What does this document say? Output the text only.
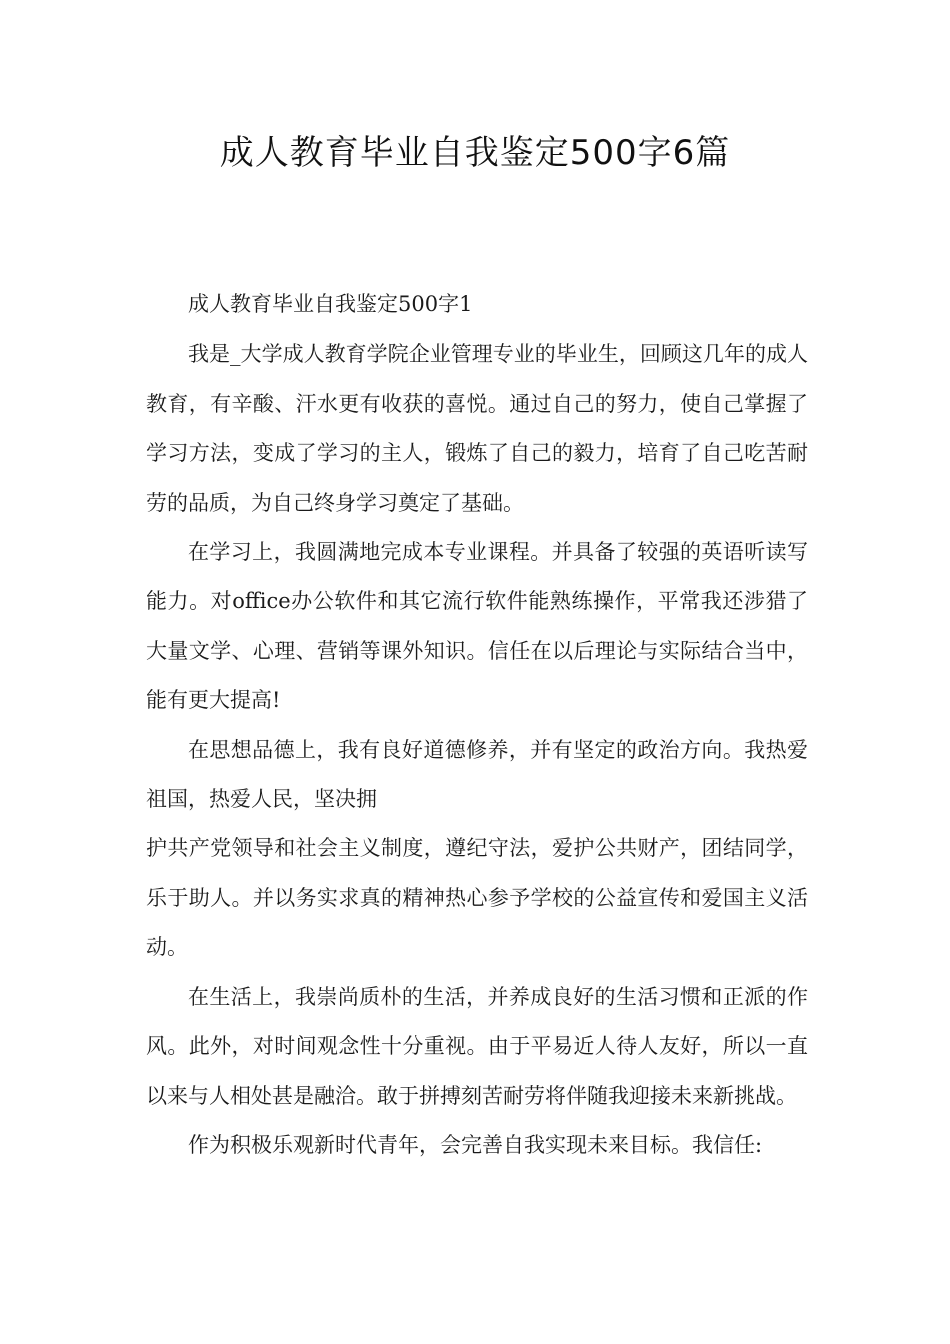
成人教育毕业自我鉴定500字6篇

成人教育毕业自我鉴定500字1

我是_大学成人教育学院企业管理专业的毕业生，回顾这几年的成人教育，有辛酸、汗水更有收获的喜悦。通过自己的努力，使自己掌握了学习方法，变成了学习的主人，锻炼了自己的毅力，培育了自己吃苦耐劳的品质，为自己终身学习奠定了基础。

在学习上，我圆满地完成本专业课程。并具备了较强的英语听读写能力。对office办公软件和其它流行软件能熟练操作，平常我还涉猎了大量文学、心理、营销等课外知识。信任在以后理论与实际结合当中，能有更大提高!

在思想品德上，我有良好道德修养，并有坚定的政治方向。我热爱祖国，热爱人民，坚决拥

护共产党领导和社会主义制度，遵纪守法，爱护公共财产，团结同学，乐于助人。并以务实求真的精神热心参予学校的公益宣传和爱国主义活动。

在生活上，我崇尚质朴的生活，并养成良好的生活习惯和正派的作风。此外，对时间观念性十分重视。由于平易近人待人友好，所以一直以来与人相处甚是融洽。敢于拼搏刻苦耐劳将伴随我迎接未来新挑战。

作为积极乐观新时代青年，会完善自我实现未来目标。我信任:
